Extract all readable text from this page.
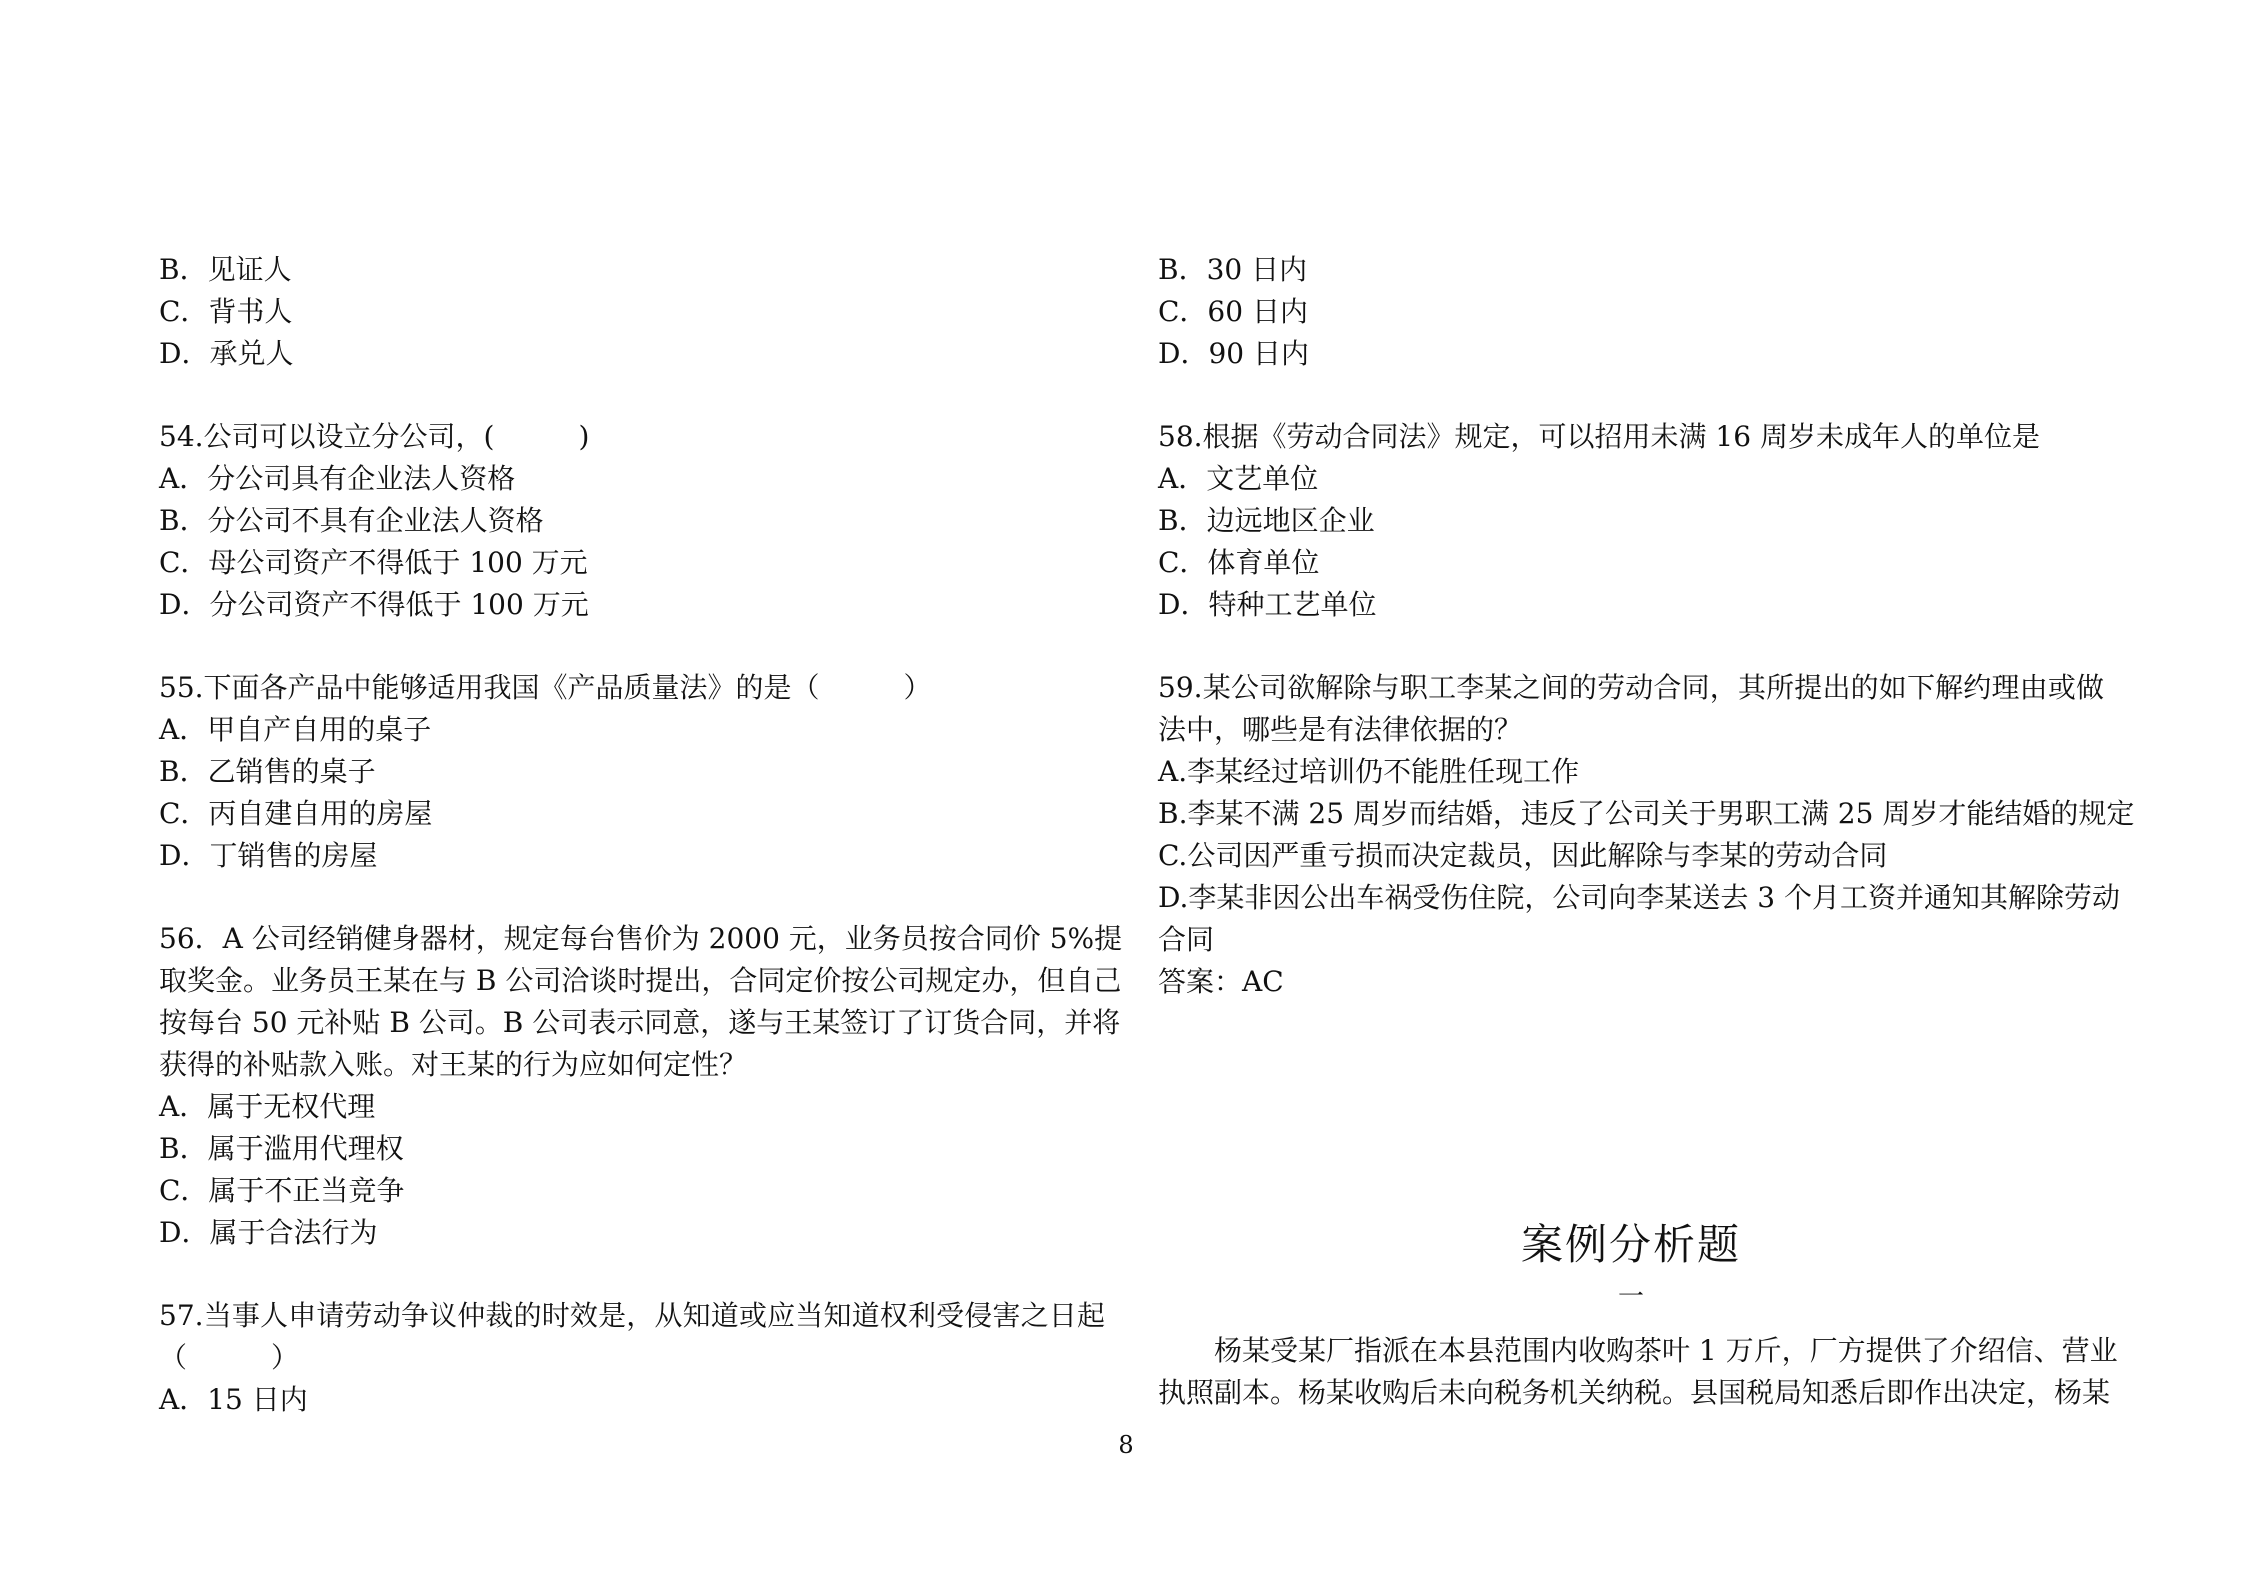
B．见证人
C．背书人
D．承兑人
54.公司可以设立分公司，(　　　)
A．分公司具有企业法人资格
B．分公司不具有企业法人资格
C．母公司资产不得低于 100 万元
D．分公司资产不得低于 100 万元
55.下面各产品中能够适用我国《产品质量法》的是（　　　）
A．甲自产自用的桌子
B．乙销售的桌子
C．丙自建自用的房屋
D．丁销售的房屋
56．A 公司经销健身器材，规定每台售价为 2000 元，业务员按合同价 5%提
取奖金。业务员王某在与 B 公司洽谈时提出，合同定价按公司规定办，但自己
按每台 50 元补贴 B 公司。B 公司表示同意，遂与王某签订了订货合同，并将
获得的补贴款入账。对王某的行为应如何定性？
A．属于无权代理
B．属于滥用代理权
C．属于不正当竞争
D．属于合法行为
57.当事人申请劳动争议仲裁的时效是，从知道或应当知道权利受侵害之日起
（　　　）
A．15 日内
B．30 日内
C．60 日内
D．90 日内
58.根据《劳动合同法》规定，可以招用未满 16 周岁未成年人的单位是
A．文艺单位
B．边远地区企业
C．体育单位
D．特种工艺单位
59.某公司欲解除与职工李某之间的劳动合同，其所提出的如下解约理由或做
法中，哪些是有法律依据的？
A.李某经过培训仍不能胜任现工作
B.李某不满 25 周岁而结婚，违反了公司关于男职工满 25 周岁才能结婚的规定
C.公司因严重亏损而决定裁员，因此解除与李某的劳动合同
D.李某非因公出车祸受伤住院，公司向李某送去 3 个月工资并通知其解除劳动
合同
答案：AC
案例分析题
一
杨某受某厂指派在本县范围内收购茶叶 1 万斤，厂方提供了介绍信、营业
执照副本。杨某收购后未向税务机关纳税。县国税局知悉后即作出决定，杨某
8
